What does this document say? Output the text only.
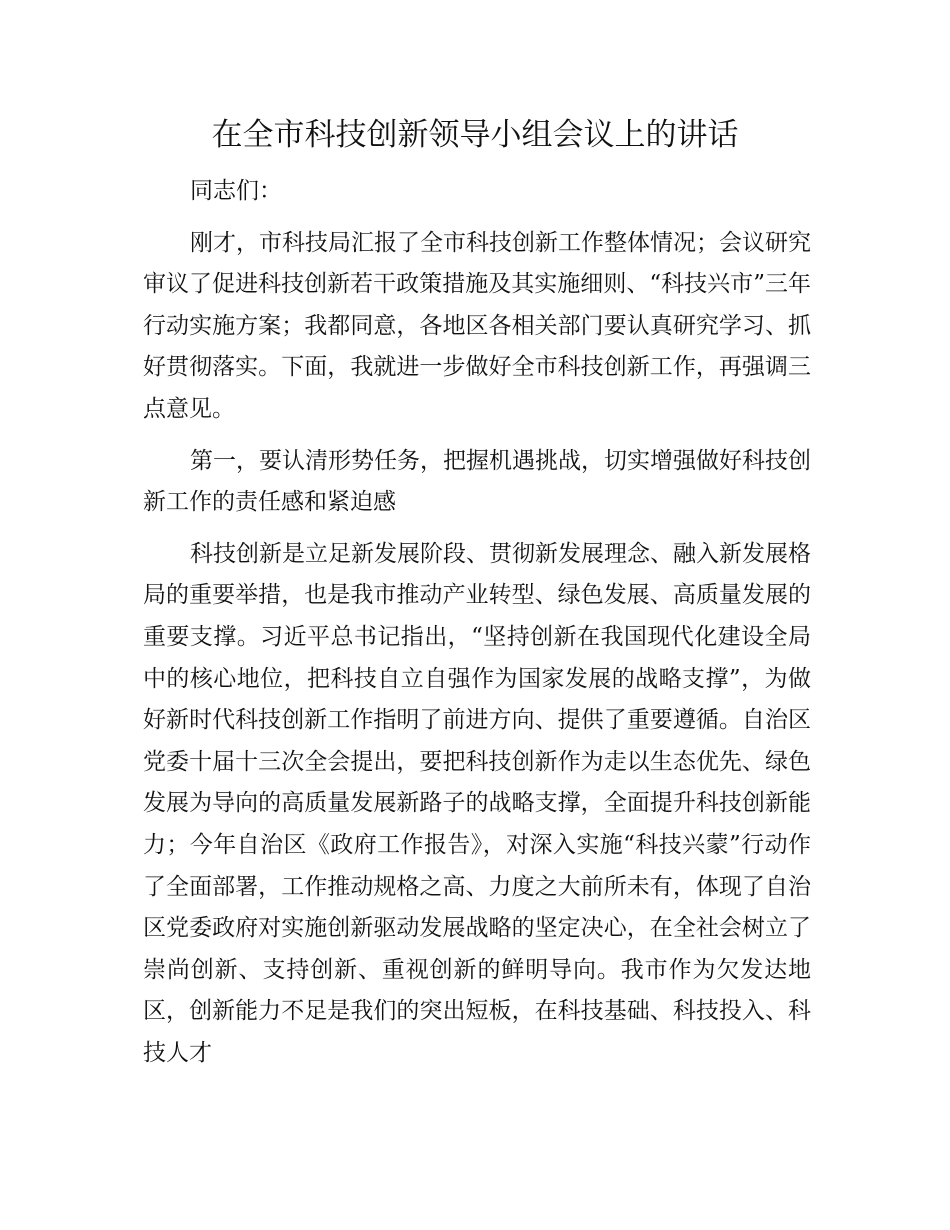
在全市科技创新领导小组会议上的讲话

同志们：

刚才，市科技局汇报了全市科技创新工作整体情况；会议研究审议了促进科技创新若干政策措施及其实施细则、“科技兴市”三年行动实施方案；我都同意，各地区各相关部门要认真研究学习、抓好贯彻落实。下面，我就进一步做好全市科技创新工作，再强调三点意见。

第一，要认清形势任务，把握机遇挑战，切实增强做好科技创新工作的责任感和紧迫感

科技创新是立足新发展阶段、贯彻新发展理念、融入新发展格局的重要举措，也是我市推动产业转型、绿色发展、高质量发展的重要支撑。习近平总书记指出，“坚持创新在我国现代化建设全局中的核心地位，把科技自立自强作为国家发展的战略支撑”，为做好新时代科技创新工作指明了前进方向、提供了重要遵循。自治区党委十届十三次全会提出，要把科技创新作为走以生态优先、绿色发展为导向的高质量发展新路子的战略支撑，全面提升科技创新能力；今年自治区《政府工作报告》，对深入实施“科技兴蒙”行动作了全面部署，工作推动规格之高、力度之大前所未有，体现了自治区党委政府对实施创新驱动发展战略的坚定决心，在全社会树立了崇尚创新、支持创新、重视创新的鲜明导向。我市作为欠发达地区，创新能力不足是我们的突出短板，在科技基础、科技投入、科技人才
